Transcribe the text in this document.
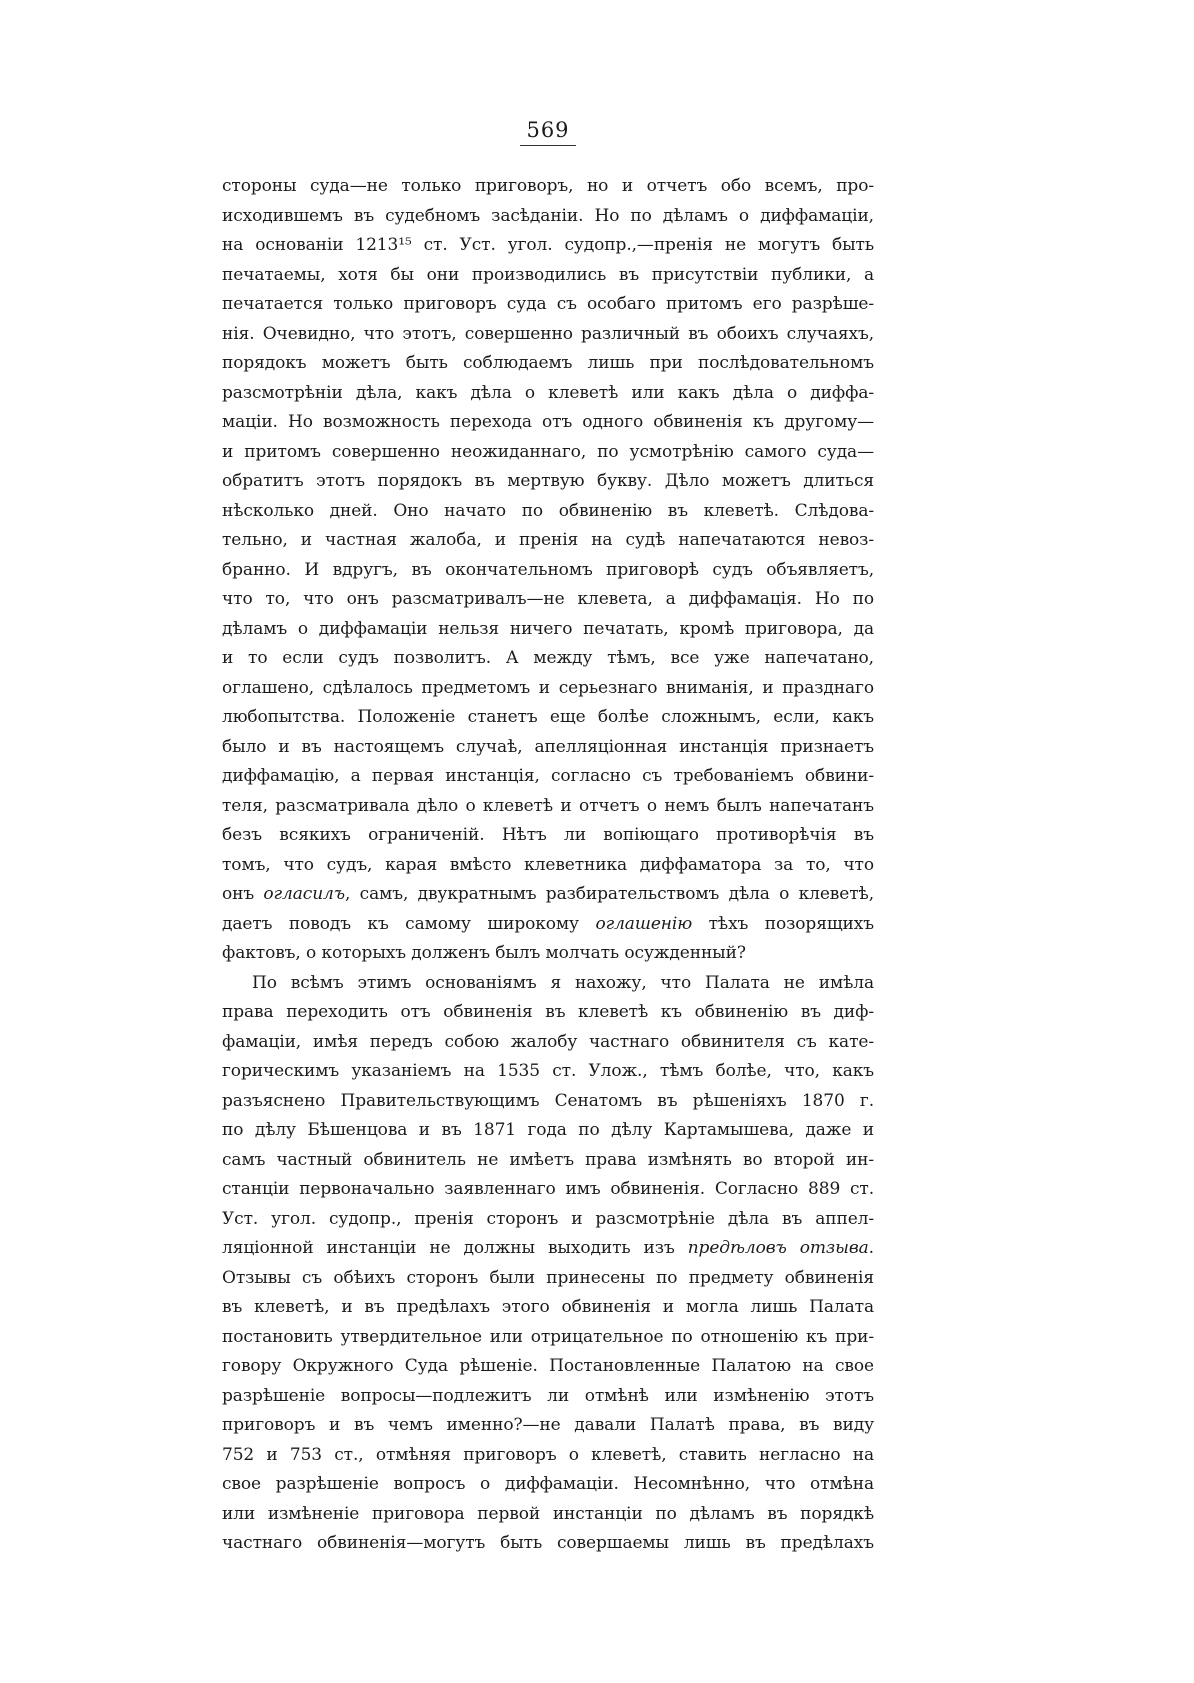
569
стороны суда—не только приговоръ, но и отчетъ обо всемъ, про-
исходившемъ въ судебномъ засѣданіи. Но по дѣламъ о диффамаціи,
на основаніи 1213¹⁵ ст. Уст. угол. судопр.,—пренія не могутъ быть
печатаемы, хотя бы они производились въ присутствіи публики, а
печатается только приговоръ суда съ особаго притомъ его разрѣше-
нія. Очевидно, что этотъ, совершенно различный въ обоихъ случаяхъ,
порядокъ можетъ быть соблюдаемъ лишь при послѣдовательномъ
разсмотрѣніи дѣла, какъ дѣла о клеветѣ или какъ дѣла о диффа-
маціи. Но возможность перехода отъ одного обвиненія къ другому—
и притомъ совершенно неожиданнаго, по усмотрѣнію самого суда—
обратитъ этотъ порядокъ въ мертвую букву. Дѣло можетъ длиться
нѣсколько дней. Оно начато по обвиненію въ клеветѣ. Слѣдова-
тельно, и частная жалоба, и пренія на судѣ напечатаются невоз-
бранно. И вдругъ, въ окончательномъ приговорѣ судъ объявляетъ,
что то, что онъ разсматривалъ—не клевета, а диффамація. Но по
дѣламъ о диффамаціи нельзя ничего печатать, кромѣ приговора, да
и то если судъ позволитъ. А между тѣмъ, все уже напечатано,
оглашено, сдѣлалось предметомъ и серьезнаго вниманія, и празднаго
любопытства. Положеніе станетъ еще болѣе сложнымъ, если, какъ
было и въ настоящемъ случаѣ, апелляціонная инстанція признаетъ
диффамацію, а первая инстанція, согласно съ требованіемъ обвини-
теля, разсматривала дѣло о клеветѣ и отчетъ о немъ былъ напечатанъ
безъ всякихъ ограниченій. Нѣтъ ли вопіющаго противорѣчія въ
томъ, что судъ, карая вмѣсто клеветника диффаматора за то, что
онъ огласилъ, самъ, двукратнымъ разбирательствомъ дѣла о клеветѣ,
даетъ поводъ къ самому широкому оглашенію тѣхъ позорящихъ
фактовъ, о которыхъ долженъ былъ молчать осужденный?
По всѣмъ этимъ основаніямъ я нахожу, что Палата не имѣла
права переходить отъ обвиненія въ клеветѣ къ обвиненію въ диф-
фамаціи, имѣя передъ собою жалобу частнаго обвинителя съ кате-
горическимъ указаніемъ на 1535 ст. Улож., тѣмъ болѣе, что, какъ
разъяснено Правительствующимъ Сенатомъ въ рѣшеніяхъ 1870 г.
по дѣлу Бѣшенцова и въ 1871 года по дѣлу Картамышева, даже и
самъ частный обвинитель не имѣетъ права измѣнять во второй ин-
станціи первоначально заявленнаго имъ обвиненія. Согласно 889 ст.
Уст. угол. судопр., пренія сторонъ и разсмотрѣніе дѣла въ аппел-
ляціонной инстанціи не должны выходить изъ предѣловъ отзыва.
Отзывы съ обѣихъ сторонъ были принесены по предмету обвиненія
въ клеветѣ, и въ предѣлахъ этого обвиненія и могла лишь Палата
постановить утвердительное или отрицательное по отношенію къ при-
говору Окружного Суда рѣшеніе. Постановленные Палатою на свое
разрѣшеніе вопросы—подлежитъ ли отмѣнѣ или измѣненію этотъ
приговоръ и въ чемъ именно?—не давали Палатѣ права, въ виду
752 и 753 ст., отмѣняя приговоръ о клеветѣ, ставить негласно на
свое разрѣшеніе вопросъ о диффамаціи. Несомнѣнно, что отмѣна
или измѣненіе приговора первой инстанціи по дѣламъ въ порядкѣ
частнаго обвиненія—могутъ быть совершаемы лишь въ предѣлахъ
